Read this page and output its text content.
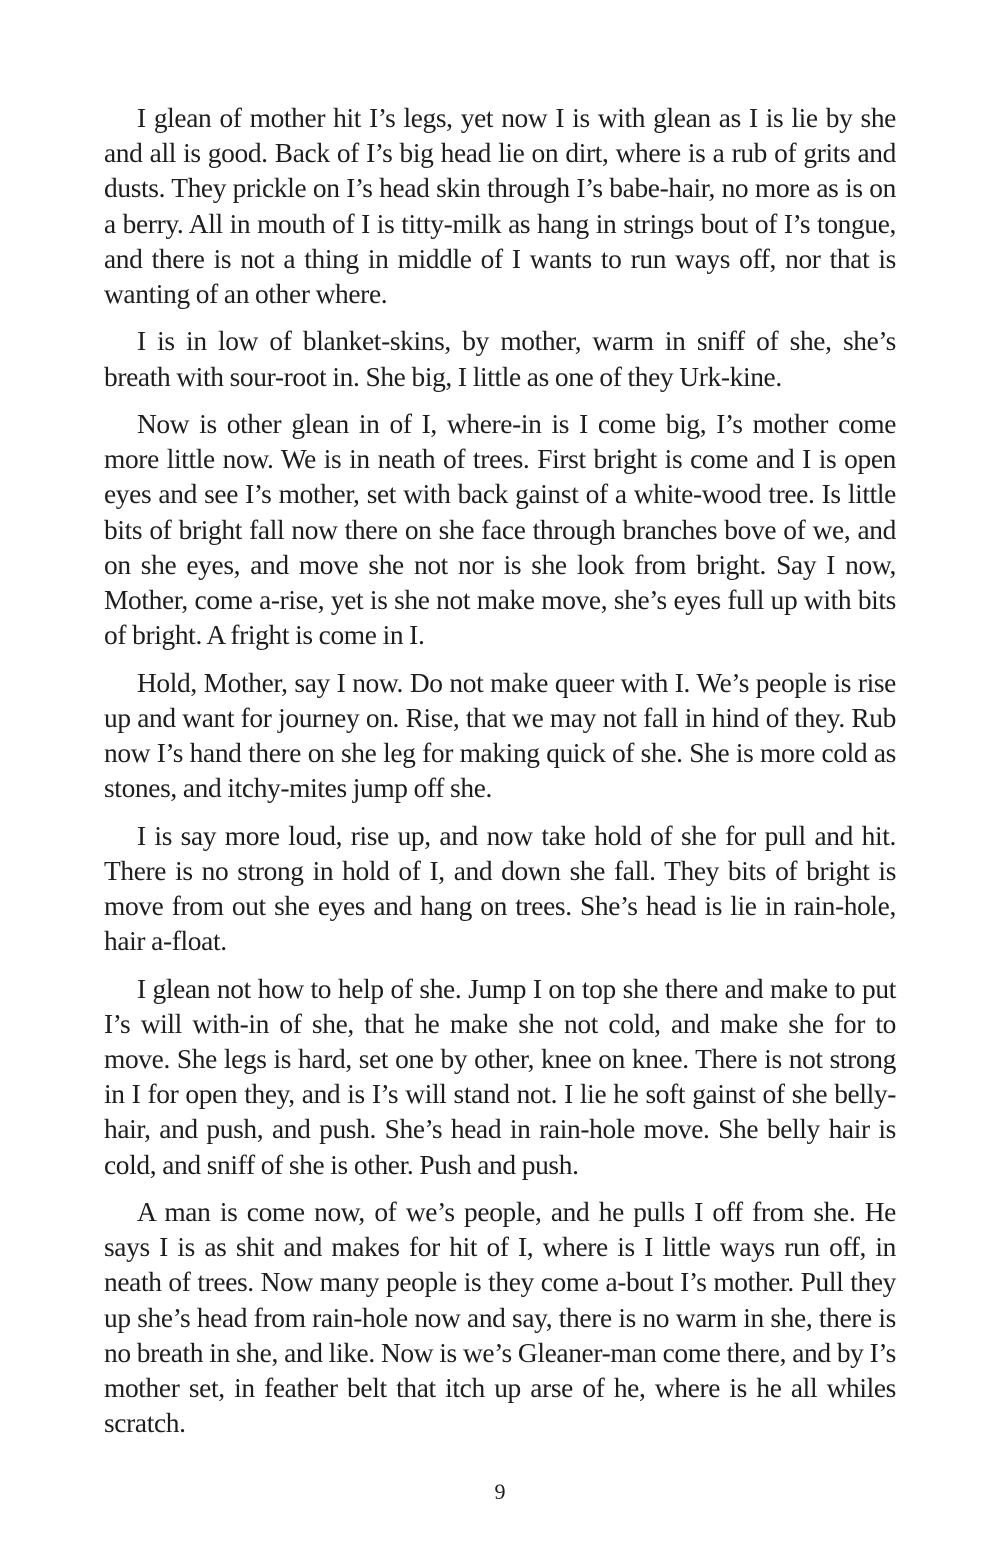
I glean of mother hit I’s legs, yet now I is with glean as I is lie by she and all is good. Back of I’s big head lie on dirt, where is a rub of grits and dusts. They prickle on I’s head skin through I’s babe-hair, no more as is on a berry. All in mouth of I is titty-milk as hang in strings bout of I’s tongue, and there is not a thing in middle of I wants to run ways off, nor that is wanting of an other where.

I is in low of blanket-skins, by mother, warm in sniff of she, she’s breath with sour-root in. She big, I little as one of they Urk-kine.

Now is other glean in of I, where-in is I come big, I’s mother come more little now. We is in neath of trees. First bright is come and I is open eyes and see I’s mother, set with back gainst of a white-wood tree. Is little bits of bright fall now there on she face through branches bove of we, and on she eyes, and move she not nor is she look from bright. Say I now, Mother, come a-rise, yet is she not make move, she’s eyes full up with bits of bright. A fright is come in I.

Hold, Mother, say I now. Do not make queer with I. We’s people is rise up and want for journey on. Rise, that we may not fall in hind of they. Rub now I’s hand there on she leg for making quick of she. She is more cold as stones, and itchy-mites jump off she.

I is say more loud, rise up, and now take hold of she for pull and hit. There is no strong in hold of I, and down she fall. They bits of bright is move from out she eyes and hang on trees. She’s head is lie in rain-hole, hair a-float.

I glean not how to help of she. Jump I on top she there and make to put I’s will with-in of she, that he make she not cold, and make she for to move. She legs is hard, set one by other, knee on knee. There is not strong in I for open they, and is I’s will stand not. I lie he soft gainst of she belly-hair, and push, and push. She’s head in rain-hole move. She belly hair is cold, and sniff of she is other. Push and push.

A man is come now, of we’s people, and he pulls I off from she. He says I is as shit and makes for hit of I, where is I little ways run off, in neath of trees. Now many people is they come a-bout I’s mother. Pull they up she’s head from rain-hole now and say, there is no warm in she, there is no breath in she, and like. Now is we’s Gleaner-man come there, and by I’s mother set, in feather belt that itch up arse of he, where is he all whiles scratch.

9
